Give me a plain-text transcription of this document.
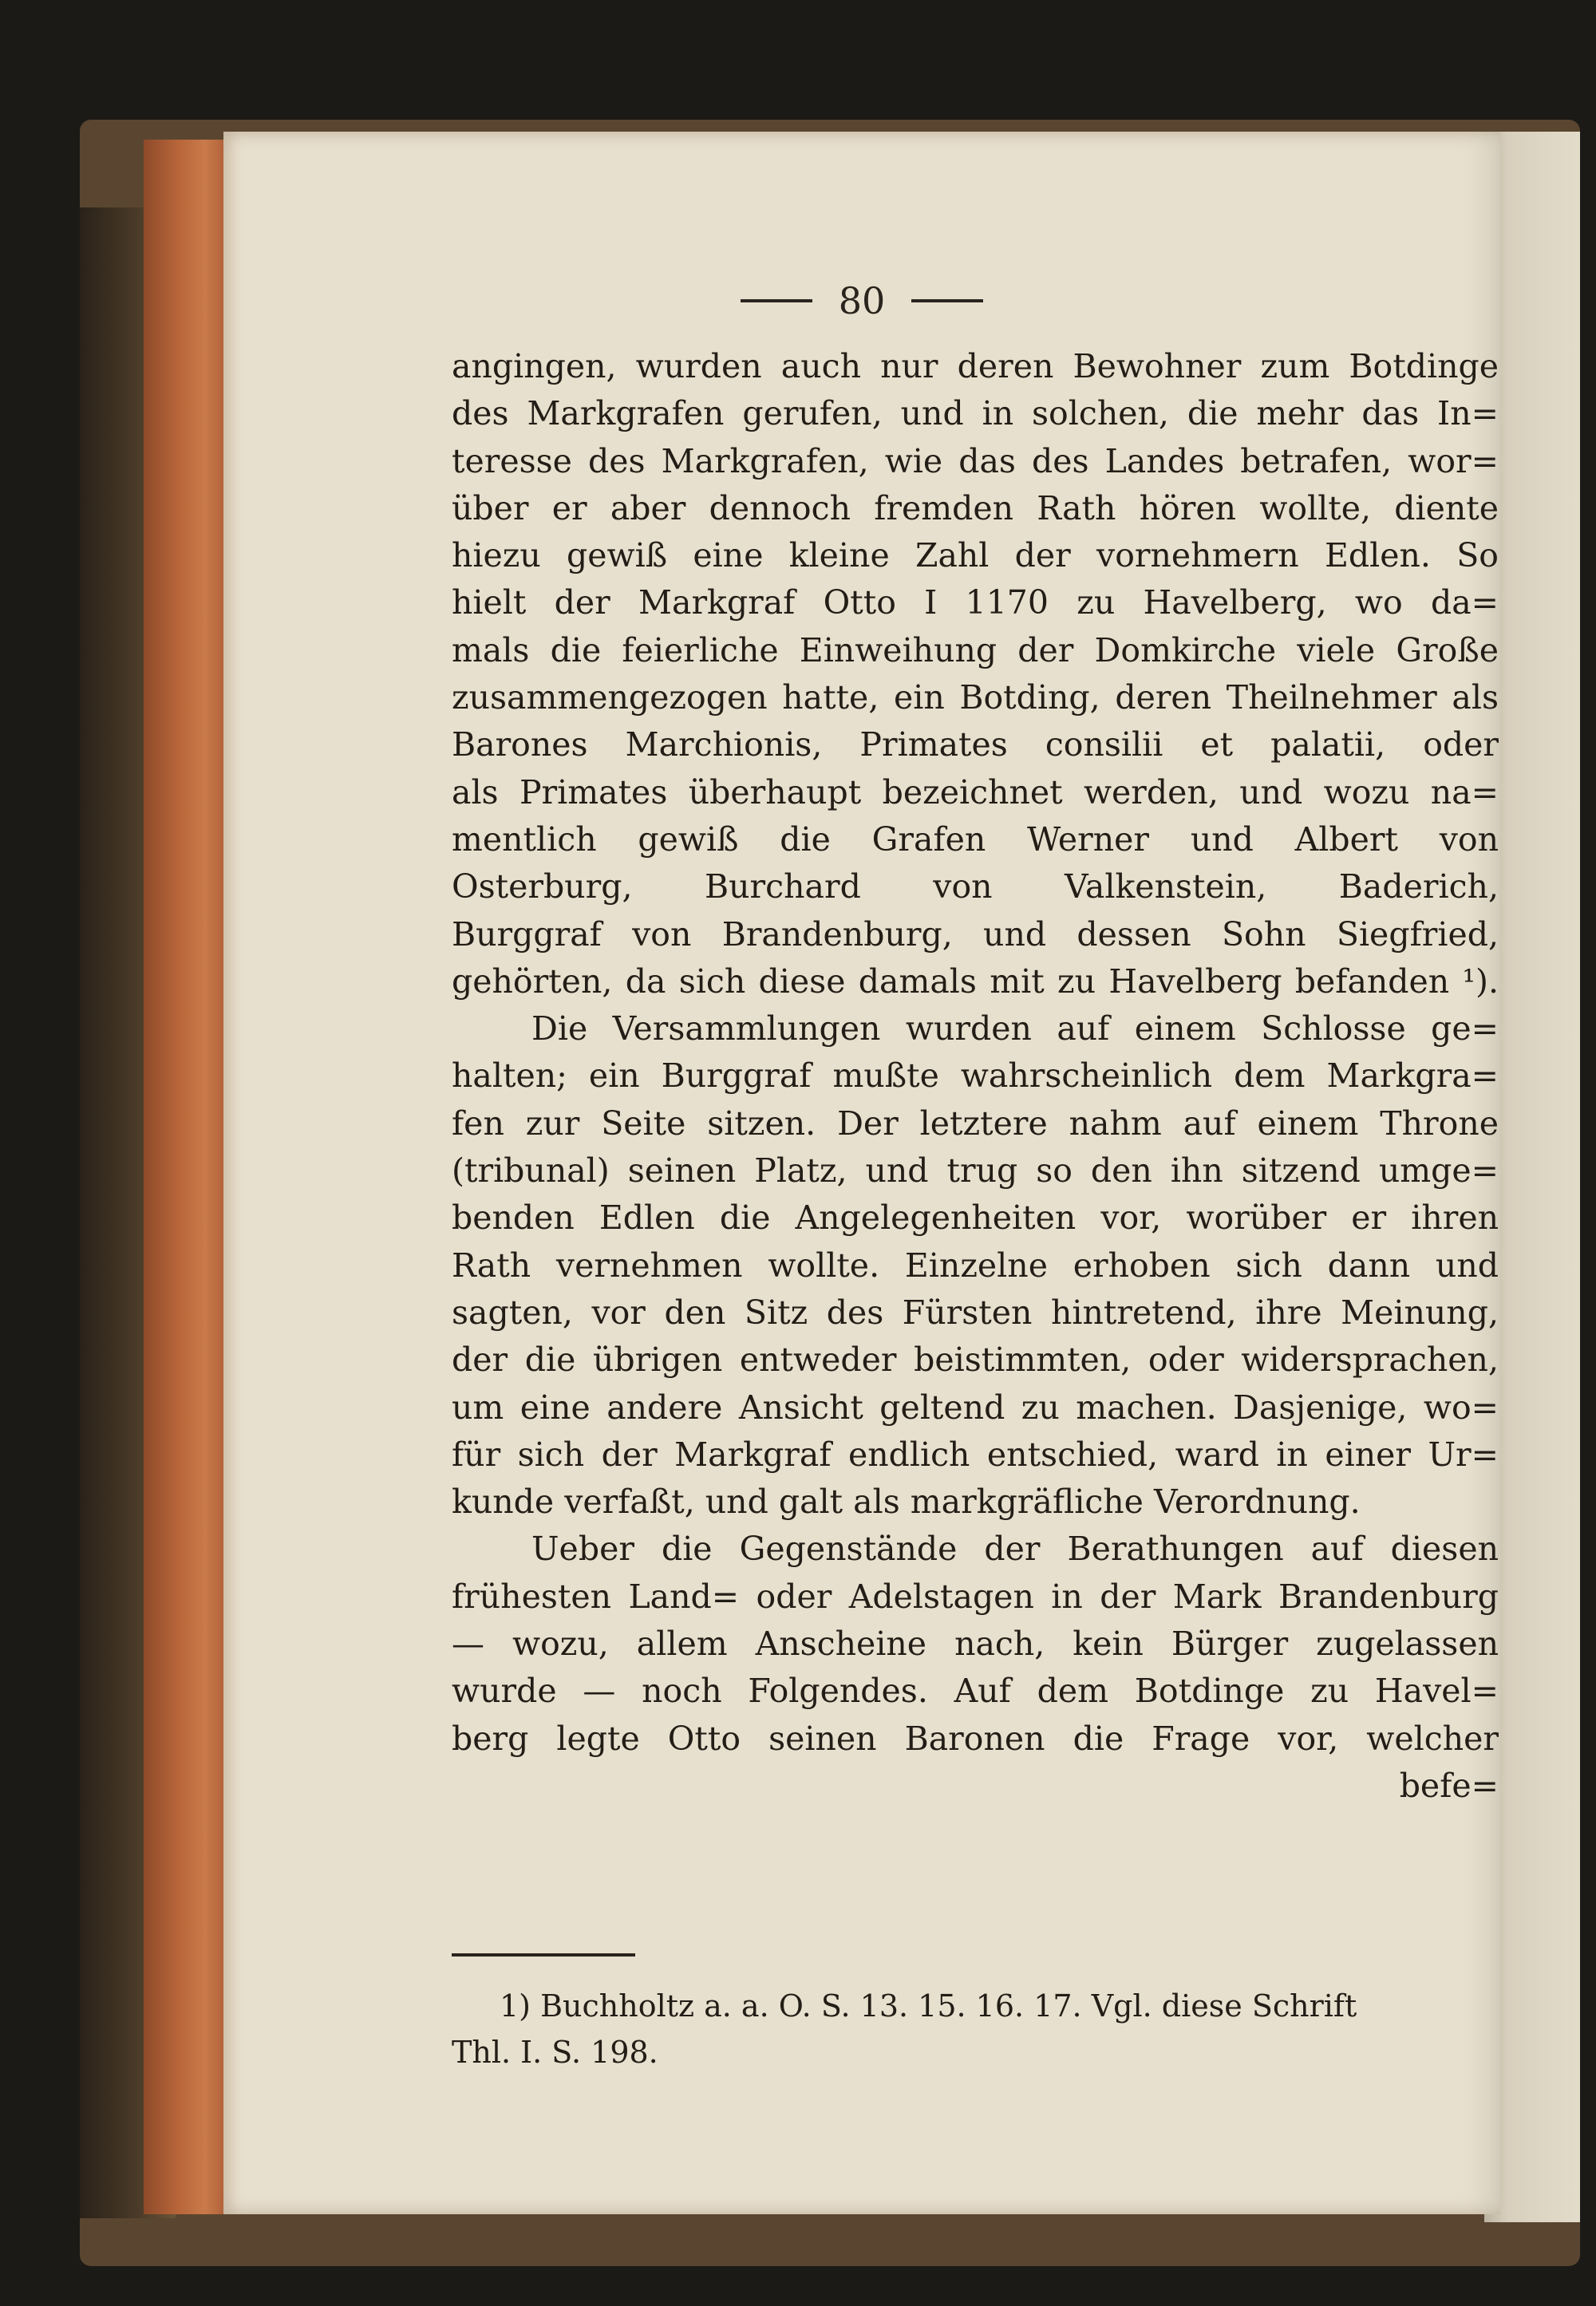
80
angingen, wurden auch nur deren Bewohner zum Botdinge
des Markgrafen gerufen, und in solchen, die mehr das In=
teresse des Markgrafen, wie das des Landes betrafen, wor=
über er aber dennoch fremden Rath hören wollte, diente
hiezu gewiß eine kleine Zahl der vornehmern Edlen. So
hielt der Markgraf Otto I 1170 zu Havelberg, wo da=
mals die feierliche Einweihung der Domkirche viele Große
zusammengezogen hatte, ein Botding, deren Theilnehmer als
Barones Marchionis, Primates consilii et palatii, oder
als Primates überhaupt bezeichnet werden, und wozu na=
mentlich gewiß die Grafen Werner und Albert von
Osterburg, Burchard von Valkenstein, Baderich,
Burggraf von Brandenburg, und dessen Sohn Siegfried,
gehörten, da sich diese damals mit zu Havelberg befanden ¹).
Die Versammlungen wurden auf einem Schlosse ge=
halten; ein Burggraf mußte wahrscheinlich dem Markgra=
fen zur Seite sitzen. Der letztere nahm auf einem Throne
(tribunal) seinen Platz, und trug so den ihn sitzend umge=
benden Edlen die Angelegenheiten vor, worüber er ihren
Rath vernehmen wollte. Einzelne erhoben sich dann und
sagten, vor den Sitz des Fürsten hintretend, ihre Meinung,
der die übrigen entweder beistimmten, oder widersprachen,
um eine andere Ansicht geltend zu machen. Dasjenige, wo=
für sich der Markgraf endlich entschied, ward in einer Ur=
kunde verfaßt, und galt als markgräfliche Verordnung.
Ueber die Gegenstände der Berathungen auf diesen
frühesten Land= oder Adelstagen in der Mark Brandenburg
— wozu, allem Anscheine nach, kein Bürger zugelassen
wurde — noch Folgendes. Auf dem Botdinge zu Havel=
berg legte Otto seinen Baronen die Frage vor, welcher
befe=
1) Buchholtz a. a. O. S. 13. 15. 16. 17. Vgl. diese Schrift
Thl. I. S. 198.
